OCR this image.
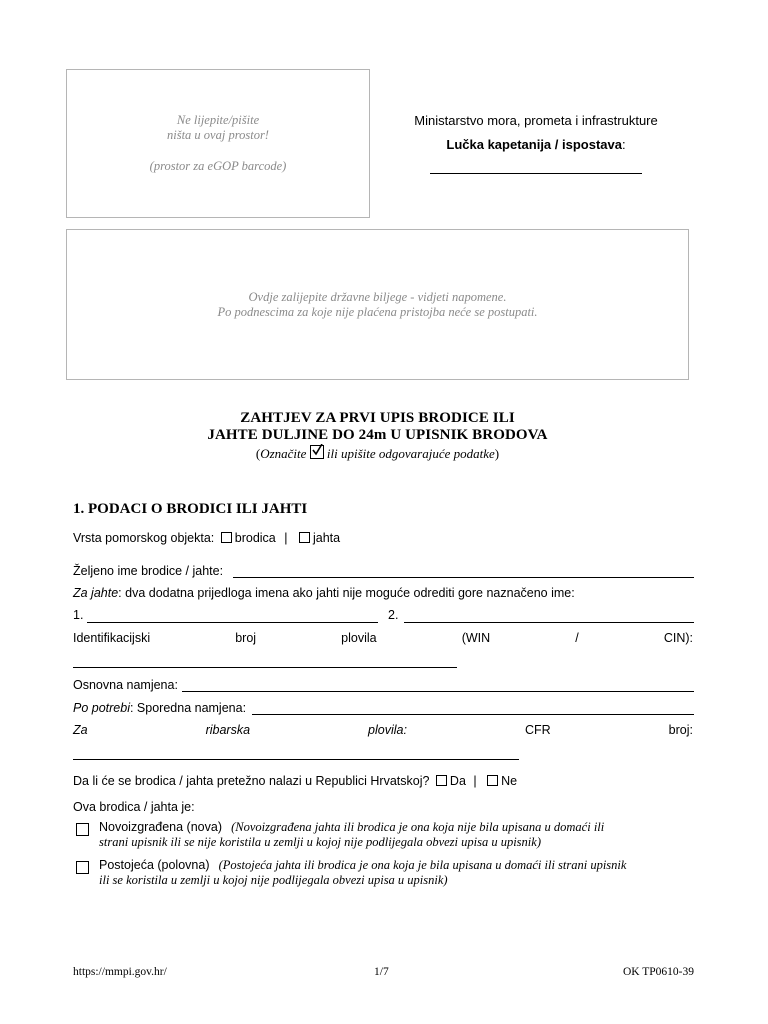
Ne lijepite/pišite
ništa u ovaj prostor!
(prostor za eGOP barcode)
Ministarstvo mora, prometa i infrastrukture
Lučka kapetanija / ispostava:
Ovdje zalijepite državne biljege - vidjeti napomene.
Po podnescima za koje nije plaćena pristojba neće se postupati.
ZAHTJEV ZA PRVI UPIS BRODICE ILI
JAHTE DULJINE DO 24m U UPISNIK BRODOVA
(Označite ili upišite odgovarajuće podatke)
1. PODACI O BRODICI ILI JAHTI
Vrsta pomorskog objekta: brodica | jahta
Željeno ime brodice / jahte:
Za jahte: dva dodatna prijedloga imena ako jahti nije moguće odrediti gore naznačeno ime:
1.	2.
Identifikacijski	broj	plovila	(WIN	/	CIN):
Osnovna namjena:
Po potrebi: Sporedna namjena:
Za	ribarska	plovila:	CFR	broj:
Da li će se brodica / jahta pretežno nalazi u Republici Hrvatskoj? Da | Ne
Ova brodica / jahta je:
Novoizgrađena (nova) (Novoizgrađena jahta ili brodica je ona koja nije bila upisana u domaći ili
strani upisnik ili se nije koristila u zemlji u kojoj nije podlijegala obvezi upisa u upisnik)
Postojeća (polovna) (Postojeća jahta ili brodica je ona koja je bila upisana u domaći ili strani upisnik
ili se koristila u zemlji u kojoj nije podlijegala obvezi upisa u upisnik)
https://mmpi.gov.hr/	1/7	OK TP0610-39
